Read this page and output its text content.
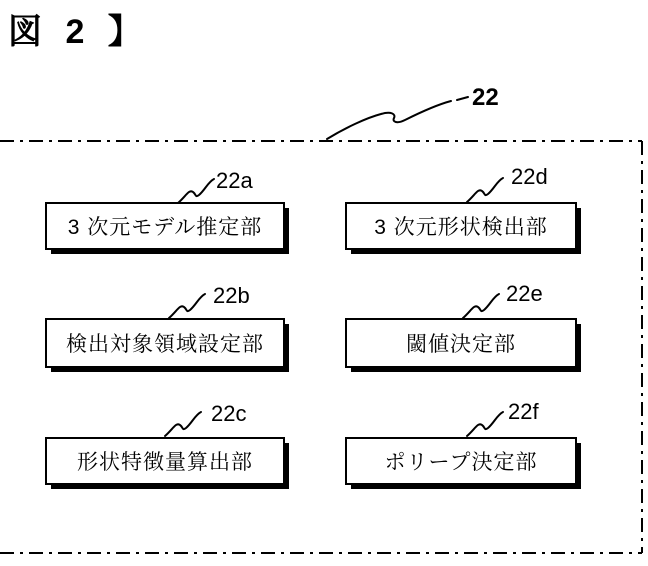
図 2 】
22
22a
22b
22c
22d
22e
22f
3 次元モデル推定部
検出対象領域設定部
形状特徴量算出部
3 次元形状検出部
閾値決定部
ポリープ決定部
